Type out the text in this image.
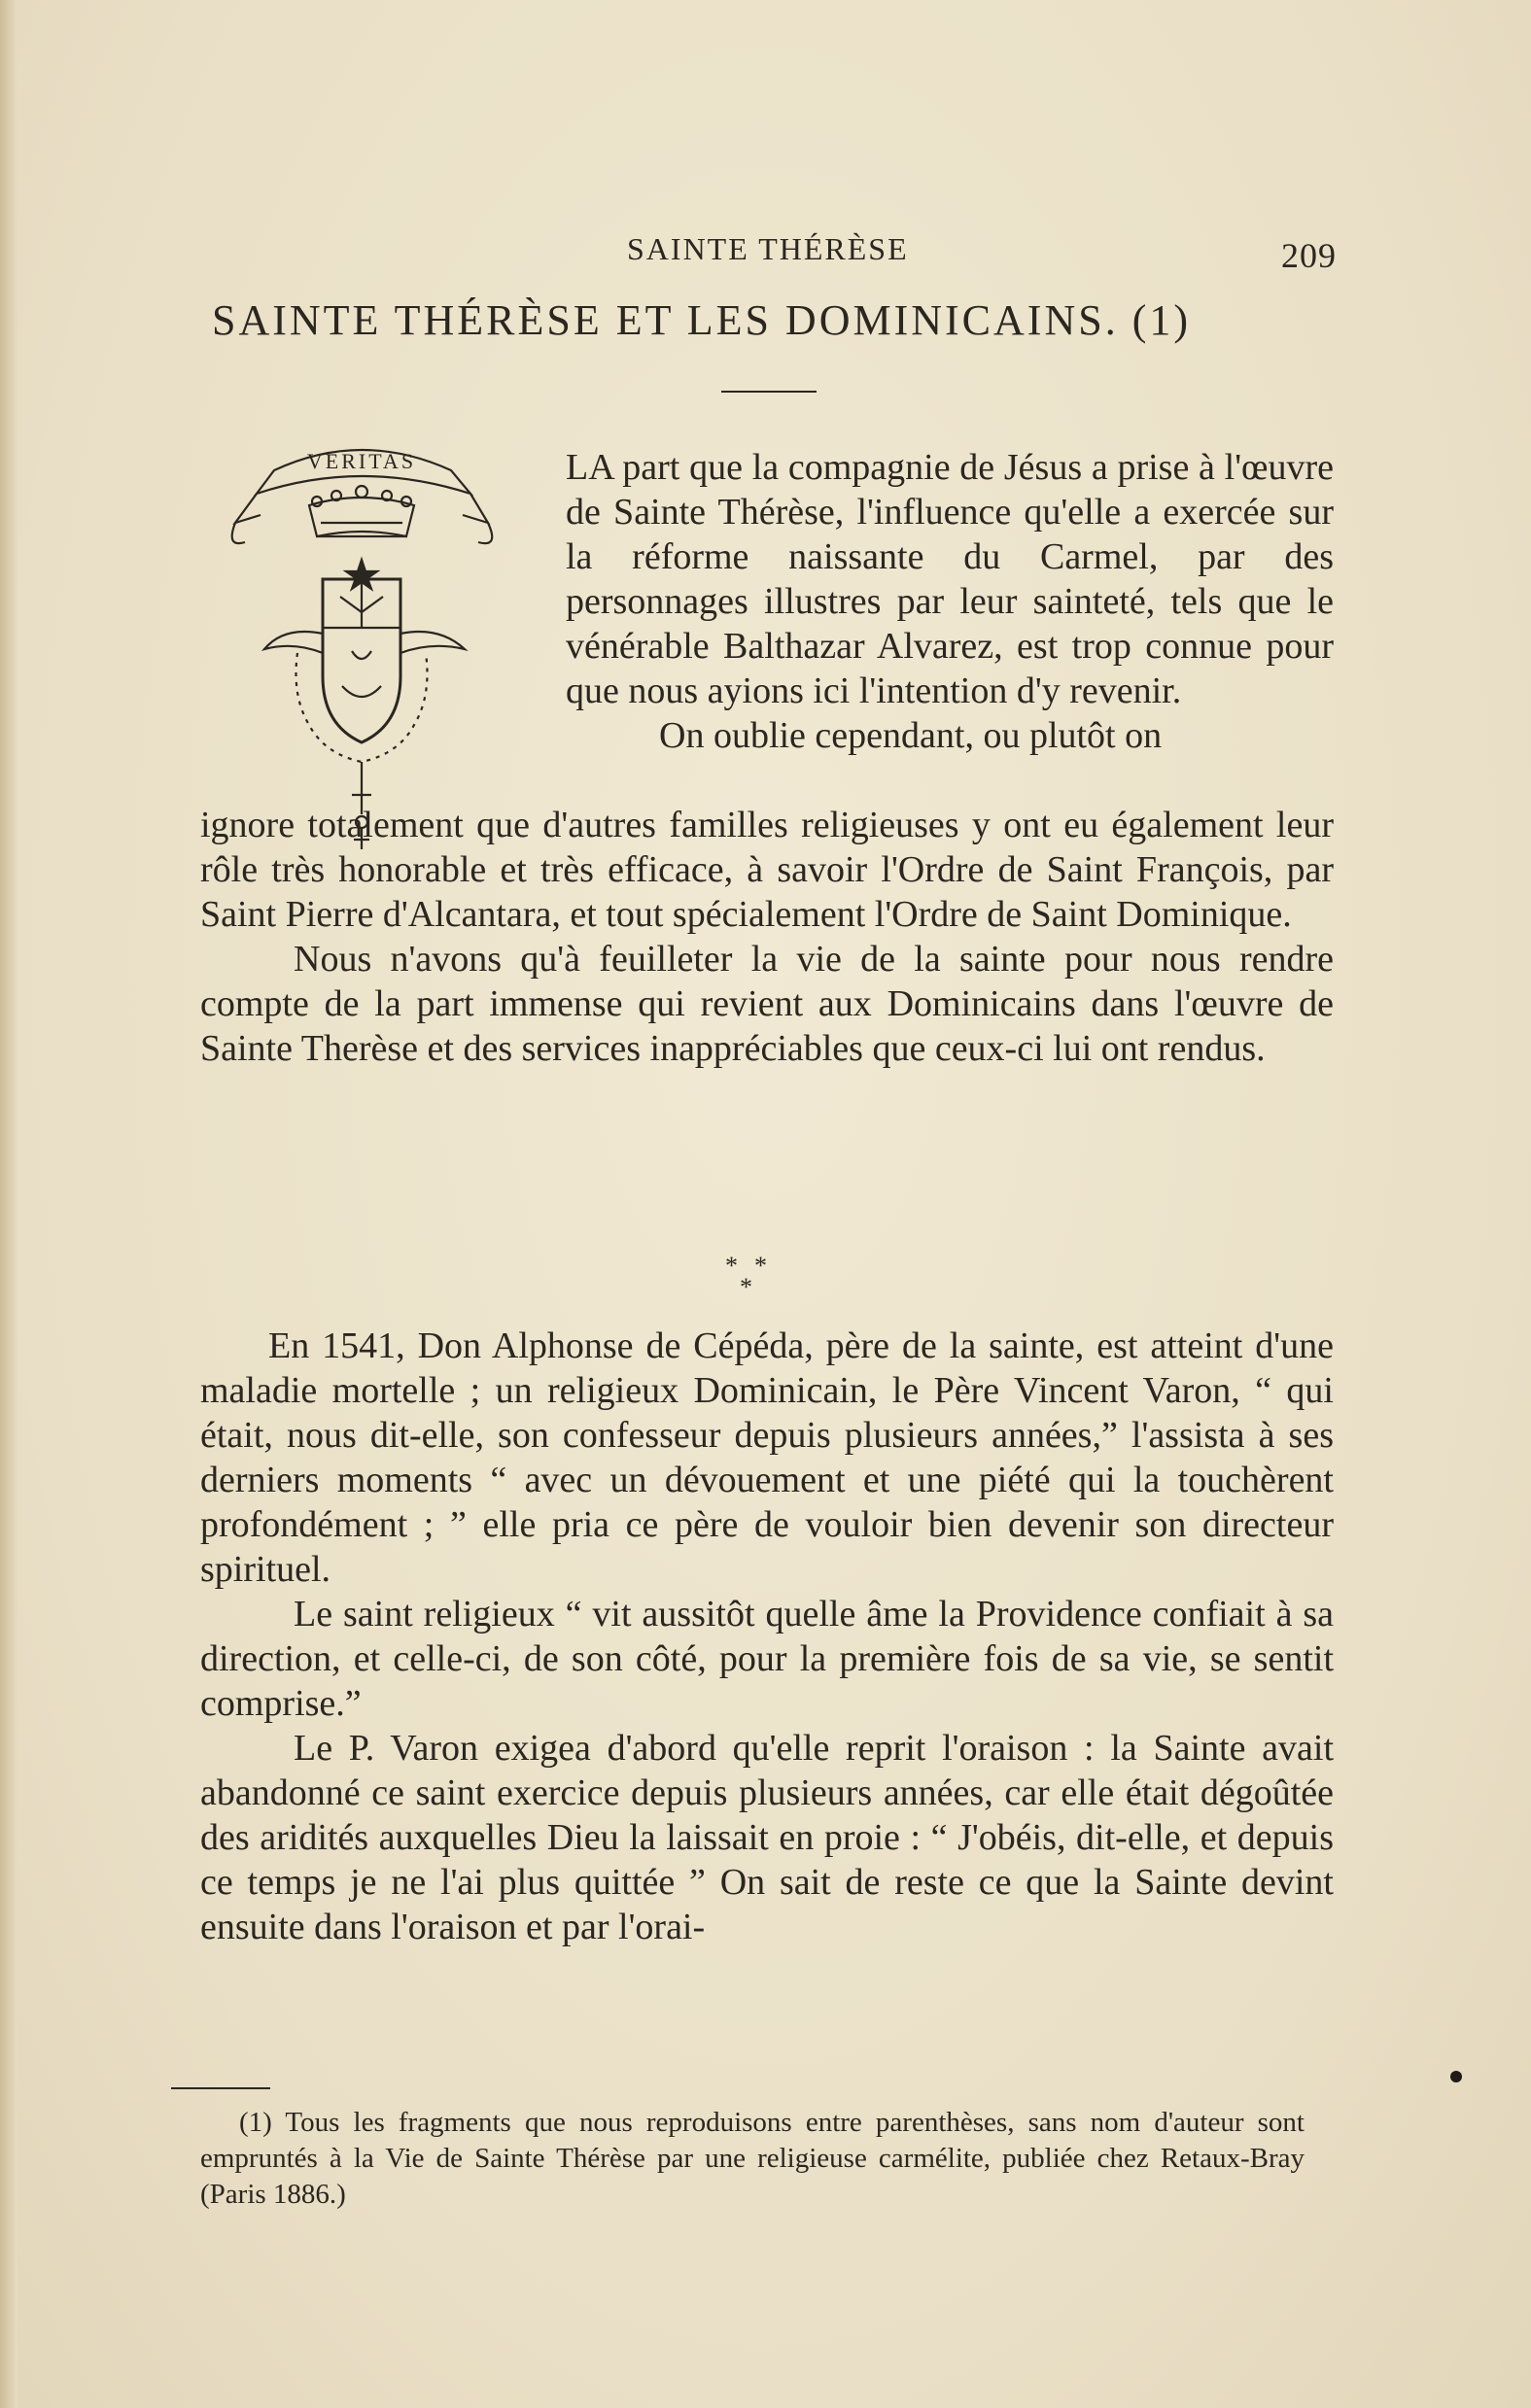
SAINTE THÉRÈSE	209
SAINTE THÉRÈSE ET LES DOMINICAINS. (1)
VERITAS	LA part que la compagnie de Jésus a prise à l'œuvre de Sainte Thérèse, l'influence qu'elle a exercée sur la réforme naissante du Carmel, par des personnages illustres par leur sainteté, tels que le vénérable Balthazar Alvarez, est trop connue pour que nous ayions ici l'intention d'y revenir.

On oublie cependant, ou plutôt on

ignore totalement que d'autres familles religieuses y ont eu également leur rôle très honorable et très efficace, à savoir l'Ordre de Saint François, par Saint Pierre d'Alcantara, et tout spécialement l'Ordre de Saint Dominique.

Nous n'avons qu'à feuilleter la vie de la sainte pour nous rendre compte de la part immense qui revient aux Dominicains dans l'œuvre de Sainte Therèse et des services inappréciables que ceux-ci lui ont rendus.

* *
*

En 1541, Don Alphonse de Cépéda, père de la sainte, est atteint d'une maladie mortelle ; un religieux Dominicain, le Père Vincent Varon, “ qui était, nous dit-elle, son confesseur depuis plusieurs années,” l'assista à ses derniers moments “ avec un dévouement et une piété qui la touchèrent profondément ; ” elle pria ce père de vouloir bien devenir son directeur spirituel.

Le saint religieux “ vit aussitôt quelle âme la Providence confiait à sa direction, et celle-ci, de son côté, pour la première fois de sa vie, se sentit comprise.”

Le P. Varon exigea d'abord qu'elle reprit l'oraison : la Sainte avait abandonné ce saint exercice depuis plusieurs années, car elle était dégoûtée des aridités auxquelles Dieu la laissait en proie : “ J'obéis, dit-elle, et depuis ce temps je ne l'ai plus quittée ” On sait de reste ce que la Sainte devint ensuite dans l'oraison et par l'orai-

(1) Tous les fragments que nous reproduisons entre parenthèses, sans nom d'auteur sont empruntés à la Vie de Sainte Thérèse par une religieuse carmélite, publiée chez Retaux-Bray (Paris 1886.)
